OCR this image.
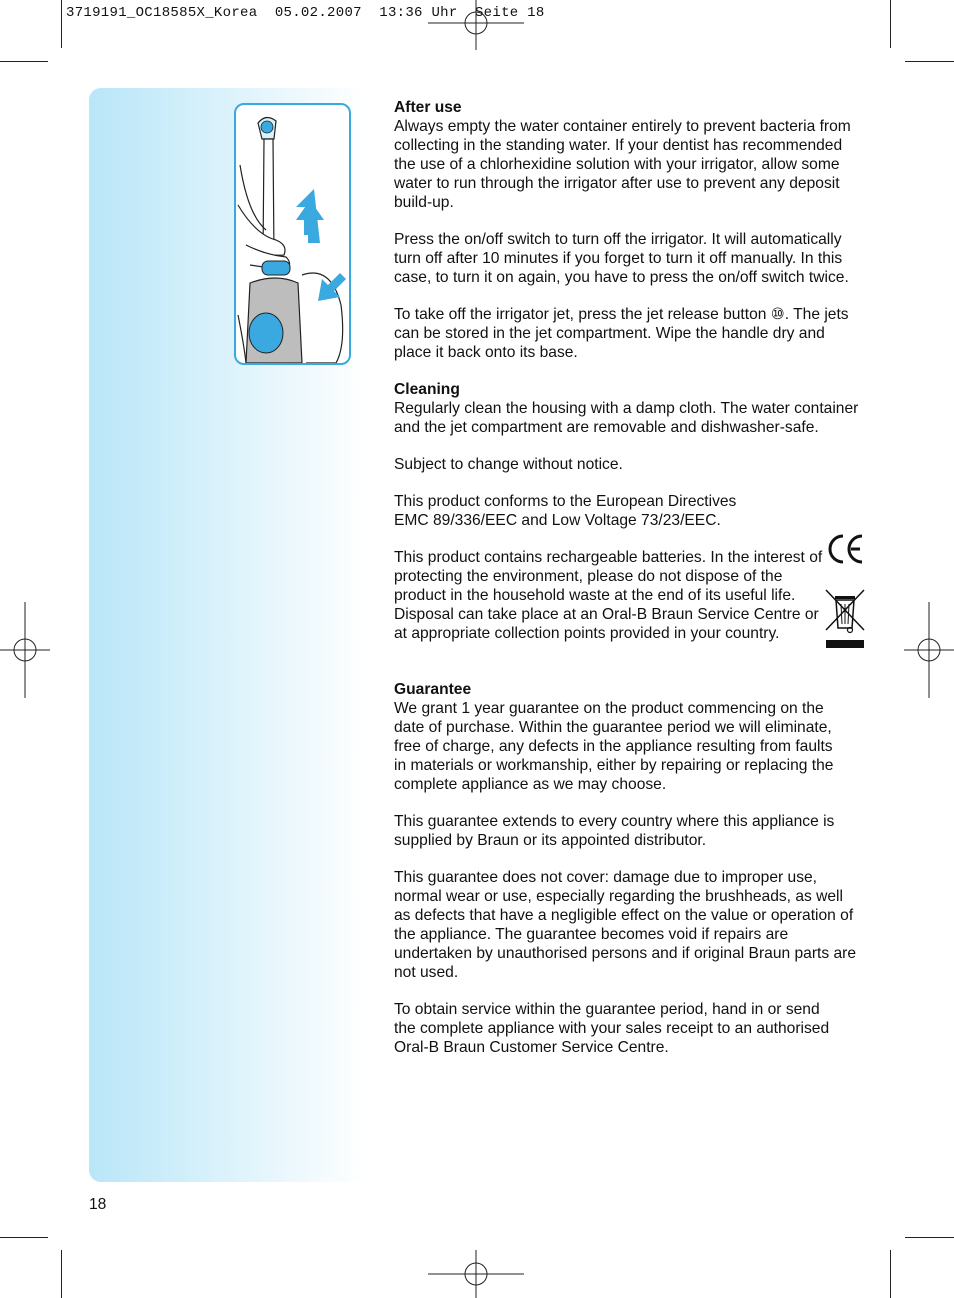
3719191_OC18585X_Korea  05.02.2007  13:36 Uhr  Seite 18
After use

Always empty the water container entirely to prevent bacteria from collecting in the standing water. If your dentist has recommended the use of a chlorhexidine solution with your irrigator, allow some water to run through the irrigator after use to prevent any deposit build-up.

Press the on/off switch to turn off the irrigator. It will automatically turn off after 10 minutes if you forget to turn it off manually. In this case, to turn it on again, you have to press the on/off switch twice.

To take off the irrigator jet, press the jet release button ⑩. The jets can be stored in the jet compartment. Wipe the handle dry and place it back onto its base.

Cleaning

Regularly clean the housing with a damp cloth. The water container and the jet compartment are removable and dishwasher-safe.

Subject to change without notice.

This product conforms to the European Directives EMC 89/336/EEC and Low Voltage 73/23/EEC.

This product contains rechargeable batteries. In the interest of protecting the environment, please do not dispose of the product in the household waste at the end of its useful life. Disposal can take place at an Oral-B Braun Service Centre or at appropriate collection points provided in your country.

Guarantee

We grant 1 year guarantee on the product commencing on the date of purchase. Within the guarantee period we will eliminate, free of charge, any defects in the appliance resulting from faults in materials or workmanship, either by repairing or replacing the complete appliance as we may choose.

This guarantee extends to every country where this appliance is supplied by Braun or its appointed distributor.

This guarantee does not cover: damage due to improper use, normal wear or use, especially regarding the brushheads, as well as defects that have a negligible effect on the value or operation of the appliance. The guarantee becomes void if repairs are undertaken by unauthorised persons and if original Braun parts are not used.

To obtain service within the guarantee period, hand in or send the complete appliance with your sales receipt to an authorised Oral-B Braun Customer Service Centre.

18
